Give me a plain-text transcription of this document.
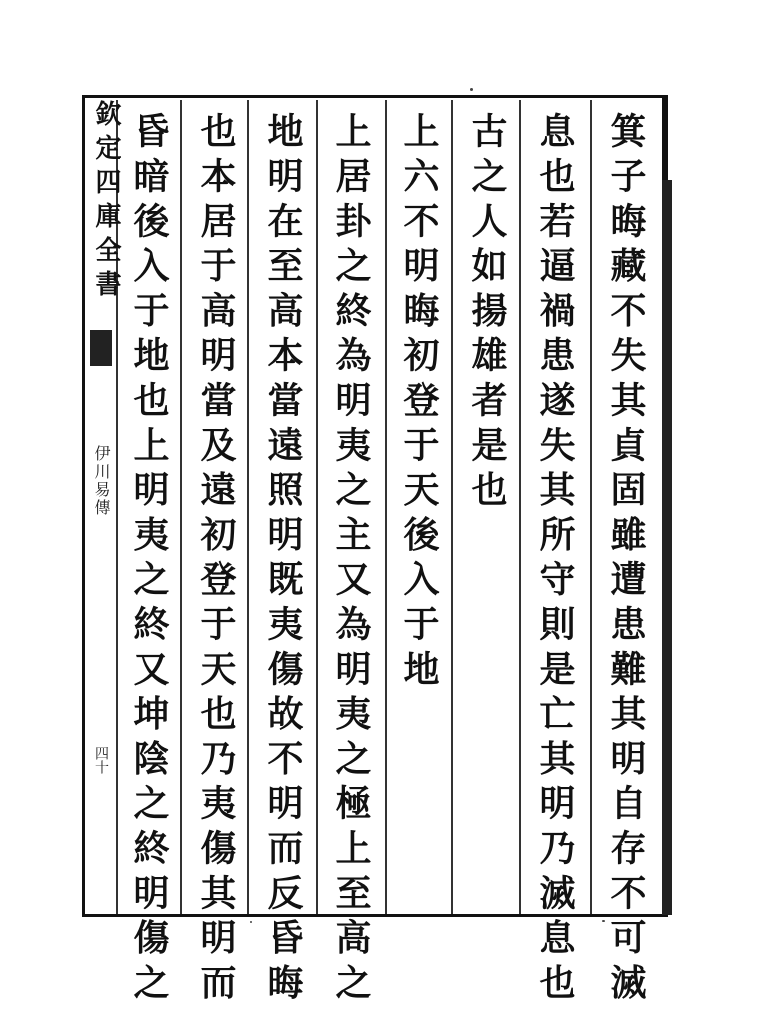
欽定四庫全書
伊川易傳
四十	箕子晦藏不失其貞固雖遭患難其明自存不可滅
息也若逼禍患遂失其所守則是亡其明乃滅息也
古之人如揚雄者是也
上六不明晦初登于天後入于地
上居卦之終為明夷之主又為明夷之極上至高之
地明在至高本當遠照明既夷傷故不明而反昏晦
也本居于高明當及遠初登于天也乃夷傷其明而
昏暗後入于地也上明夷之終又坤陰之終明傷之
